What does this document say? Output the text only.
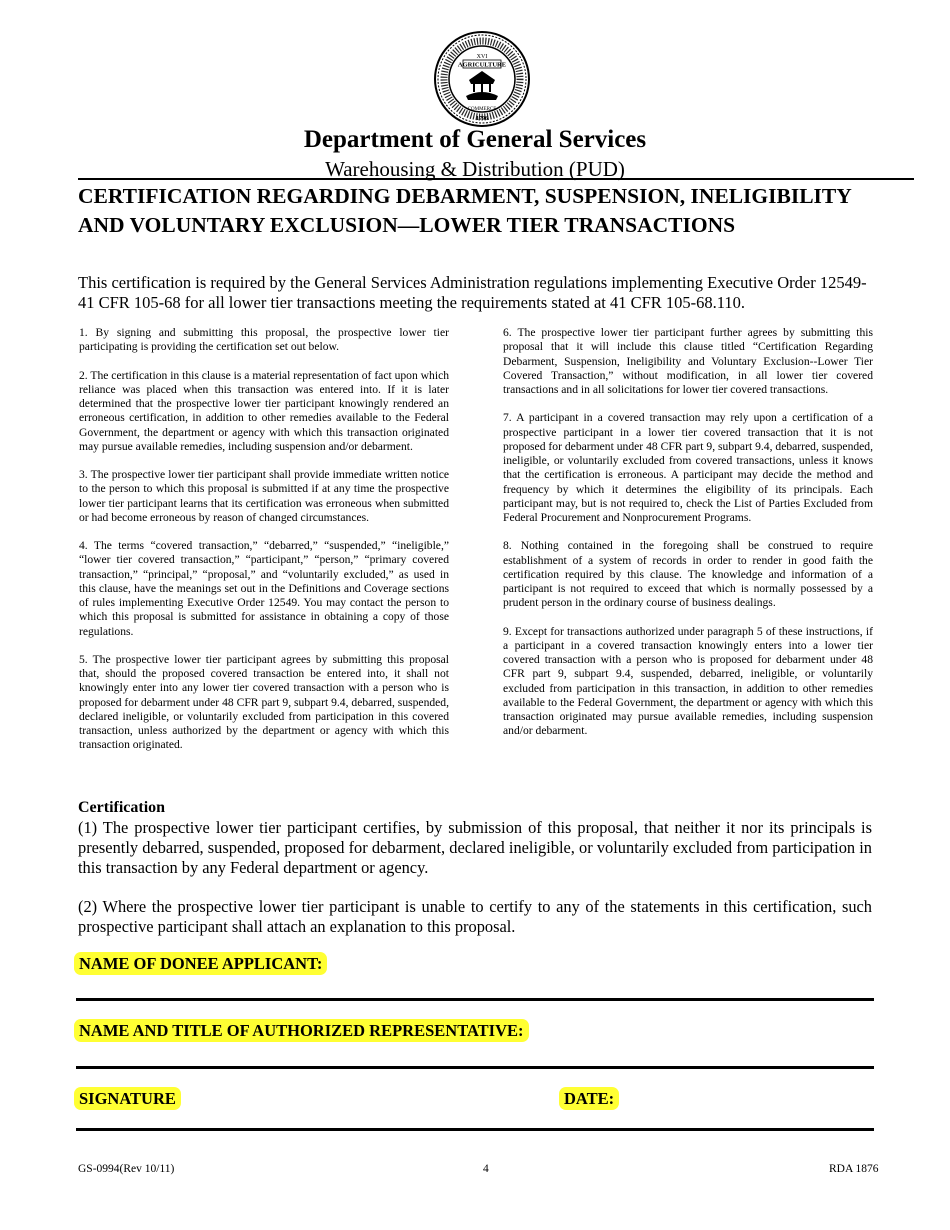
AGRICULTURE
XVI
COMMERCE
1796
Department of General Services
Warehousing & Distribution (PUD)
CERTIFICATION REGARDING DEBARMENT, SUSPENSION, INELIGIBILITY
AND VOLUNTARY EXCLUSION—LOWER TIER TRANSACTIONS
This certification is required by the General Services Administration regulations implementing Executive Order 12549-41 CFR 105-68 for all lower tier transactions meeting the requirements stated at 41 CFR 105-68.110.

1. By signing and submitting this proposal, the prospective lower tier participating is providing the certification set out below.

2. The certification in this clause is a material representation of fact upon which reliance was placed when this transaction was entered into. If it is later determined that the prospective lower tier participant knowingly rendered an erroneous certification, in addition to other remedies available to the Federal Government, the department or agency with which this transaction originated may pursue available remedies, including suspension and/or debarment.

3. The prospective lower tier participant shall provide immediate written notice to the person to which this proposal is submitted if at any time the prospective lower tier participant learns that its certification was erroneous when submitted or had become erroneous by reason of changed circumstances.

4. The terms “covered transaction,” “debarred,” “suspended,” “ineligible,” “lower tier covered transaction,” “participant,” “person,” “primary covered transaction,” “principal,” “proposal,” and “voluntarily excluded,” as used in this clause, have the meanings set out in the Definitions and Coverage sections of rules implementing Executive Order 12549. You may contact the person to which this proposal is submitted for assistance in obtaining a copy of those regulations.

5. The prospective lower tier participant agrees by submitting this proposal that, should the proposed covered transaction be entered into, it shall not knowingly enter into any lower tier covered transaction with a person who is proposed for debarment under 48 CFR part 9, subpart 9.4, debarred, suspended, declared ineligible, or voluntarily excluded from participation in this covered transaction, unless authorized by the department or agency with which this transaction originated.

6. The prospective lower tier participant further agrees by submitting this proposal that it will include this clause titled “Certification Regarding Debarment, Suspension, Ineligibility and Voluntary Exclusion--Lower Tier Covered Transaction,” without modification, in all lower tier covered transactions and in all solicitations for lower tier covered transactions.

7. A participant in a covered transaction may rely upon a certification of a prospective participant in a lower tier covered transaction that it is not proposed for debarment under 48 CFR part 9, subpart 9.4, debarred, suspended, ineligible, or voluntarily excluded from covered transactions, unless it knows that the certification is erroneous. A participant may decide the method and frequency by which it determines the eligibility of its principals. Each participant may, but is not required to, check the List of Parties Excluded from Federal Procurement and Nonprocurement Programs.

8. Nothing contained in the foregoing shall be construed to require establishment of a system of records in order to render in good faith the certification required by this clause. The knowledge and information of a participant is not required to exceed that which is normally possessed by a prudent person in the ordinary course of business dealings.

9. Except for transactions authorized under paragraph 5 of these instructions, if a participant in a covered transaction knowingly enters into a lower tier covered transaction with a person who is proposed for debarment under 48 CFR part 9, subpart 9.4, suspended, debarred, ineligible, or voluntarily excluded from participation in this transaction, in addition to other remedies available to the Federal Government, the department or agency with which this transaction originated may pursue available remedies, including suspension and/or debarment.

Certification

(1) The prospective lower tier participant certifies, by submission of this proposal, that neither it nor its principals is presently debarred, suspended, proposed for debarment, declared ineligible, or voluntarily excluded from participation in this transaction by any Federal department or agency.

(2) Where the prospective lower tier participant is unable to certify to any of the statements in this certification, such prospective participant shall attach an explanation to this proposal.

NAME OF DONEE APPLICANT:
NAME AND TITLE OF AUTHORIZED REPRESENTATIVE:
SIGNATURE	DATE:
GS-0994(Rev 10/11)	4	RDA 1876
